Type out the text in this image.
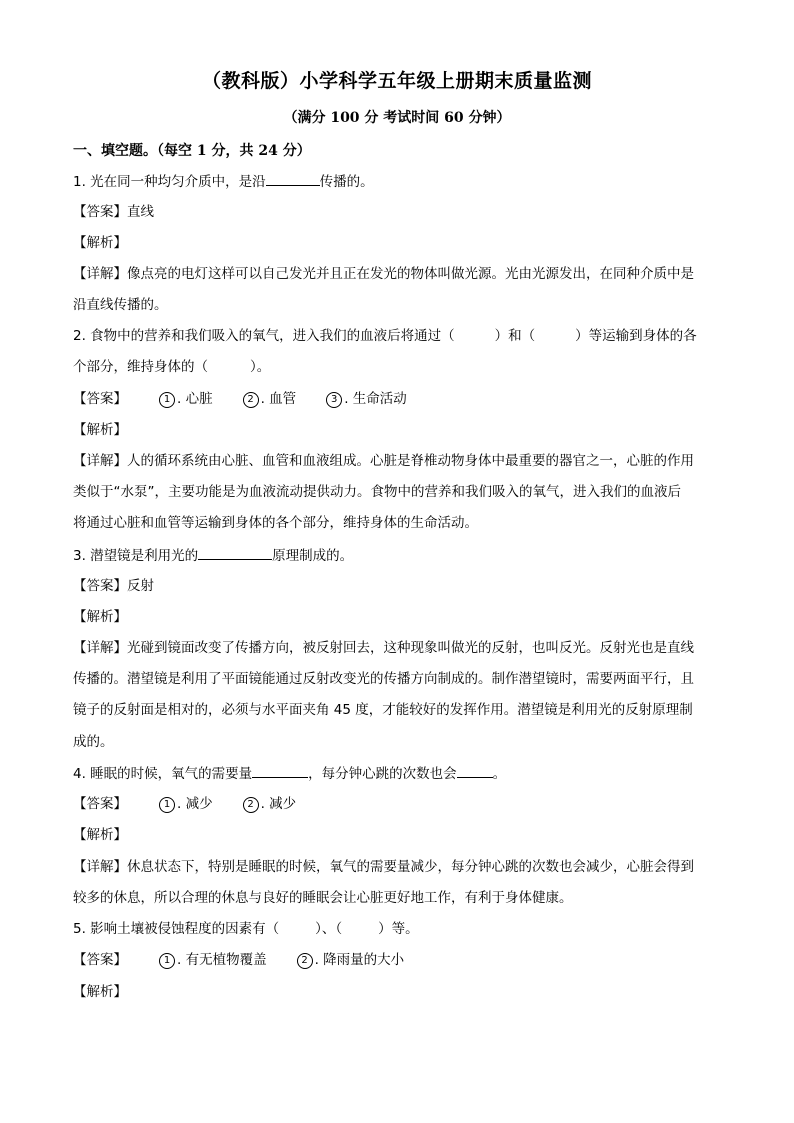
（教科版）小学科学五年级上册期末质量监测
（满分 100 分 考试时间 60 分钟）
一、填空题。（每空 1 分，共 24 分）
1. 光在同一种均匀介质中，是沿	传播的。
【答案】直线
【解析】
【详解】像点亮的电灯这样可以自己发光并且正在发光的物体叫做光源。光由光源发出，在同种介质中是
沿直线传播的。
2. 食物中的营养和我们吸入的氧气，进入我们的血液后将通过（	）和（	）等运输到身体的各
个部分，维持身体的（	）。
【答案】	1 . 心脏	2 . 血管	3 . 生命活动
【解析】
【详解】人的循环系统由心脏、血管和血液组成。心脏是脊椎动物身体中最重要的器官之一，心脏的作用
类似于“水泵”，主要功能是为血液流动提供动力。食物中的营养和我们吸入的氧气，进入我们的血液后
将通过心脏和血管等运输到身体的各个部分，维持身体的生命活动。
3. 潜望镜是利用光的	原理制成的。
【答案】反射
【解析】
【详解】光碰到镜面改变了传播方向，被反射回去，这种现象叫做光的反射，也叫反光。反射光也是直线
传播的。潜望镜是利用了平面镜能通过反射改变光的传播方向制成的。制作潜望镜时，需要两面平行，且
镜子的反射面是相对的，必须与水平面夹角 45 度，才能较好的发挥作用。潜望镜是利用光的反射原理制
成的。
4. 睡眠的时候，氧气的需要量	，每分钟心跳的次数也会	。
【答案】	1 . 减少	2 . 减少
【解析】
【详解】休息状态下，特别是睡眠的时候，氧气的需要量减少，每分钟心跳的次数也会减少，心脏会得到
较多的休息，所以合理的休息与良好的睡眠会让心脏更好地工作，有利于身体健康。
5. 影响土壤被侵蚀程度的因素有（	）、（	）等。
【答案】	1 . 有无植物覆盖	2 . 降雨量的大小
【解析】
